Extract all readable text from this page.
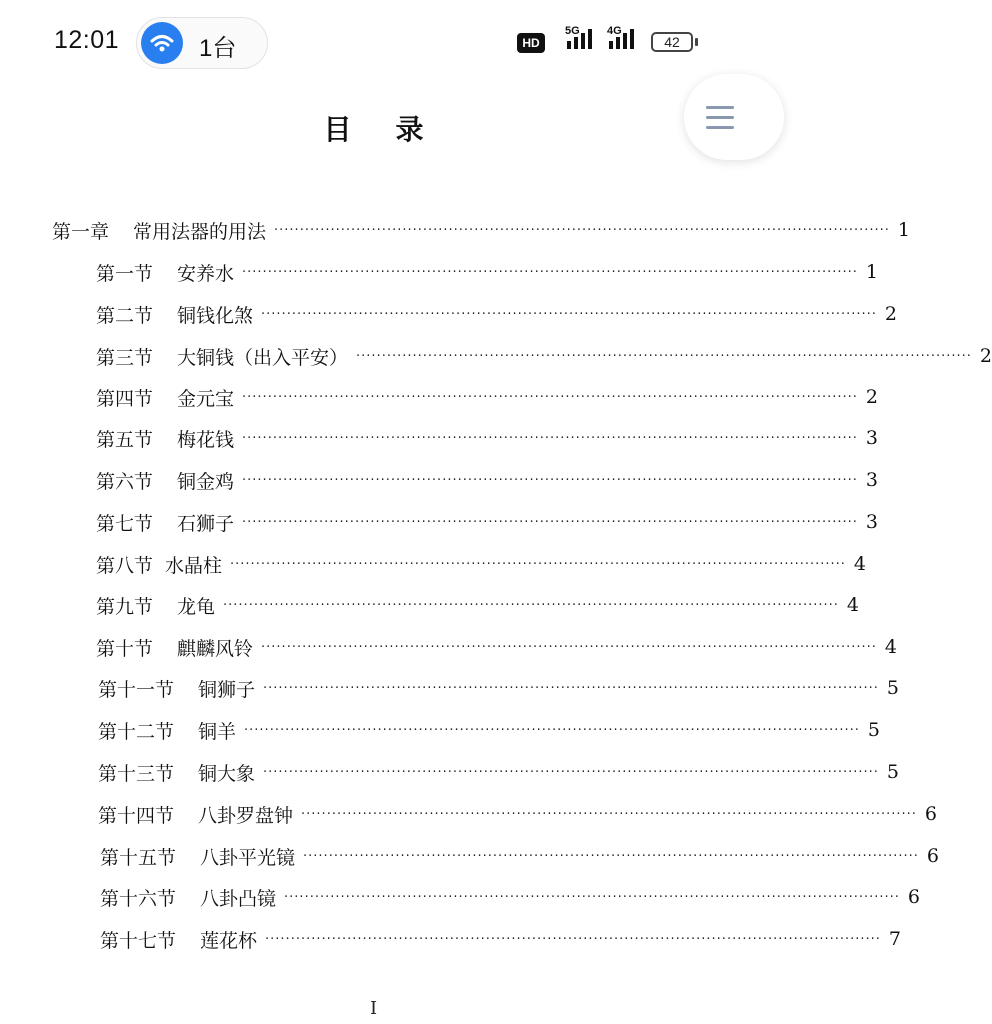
12:01	1台	HD
5G 4G
42
目录
第一章 常用法器的用法 ························································································································ 1
第一节 安养水 ························································································································ 1
第二节 铜钱化煞 ························································································································ 2
第三节 大铜钱（出入平安） ························································································································ 2
第四节 金元宝 ························································································································ 2
第五节 梅花钱 ························································································································ 3
第六节 铜金鸡 ························································································································ 3
第七节 石狮子 ························································································································ 3
第八节 水晶柱 ························································································································ 4
第九节 龙龟 ························································································································ 4
第十节 麒麟风铃 ························································································································ 4
第十一节 铜狮子 ························································································································ 5
第十二节 铜羊 ························································································································ 5
第十三节 铜大象 ························································································································ 5
第十四节 八卦罗盘钟 ························································································································ 6
第十五节 八卦平光镜 ························································································································ 6
第十六节 八卦凸镜 ························································································································ 6
第十七节 莲花杯 ························································································································ 7
I
